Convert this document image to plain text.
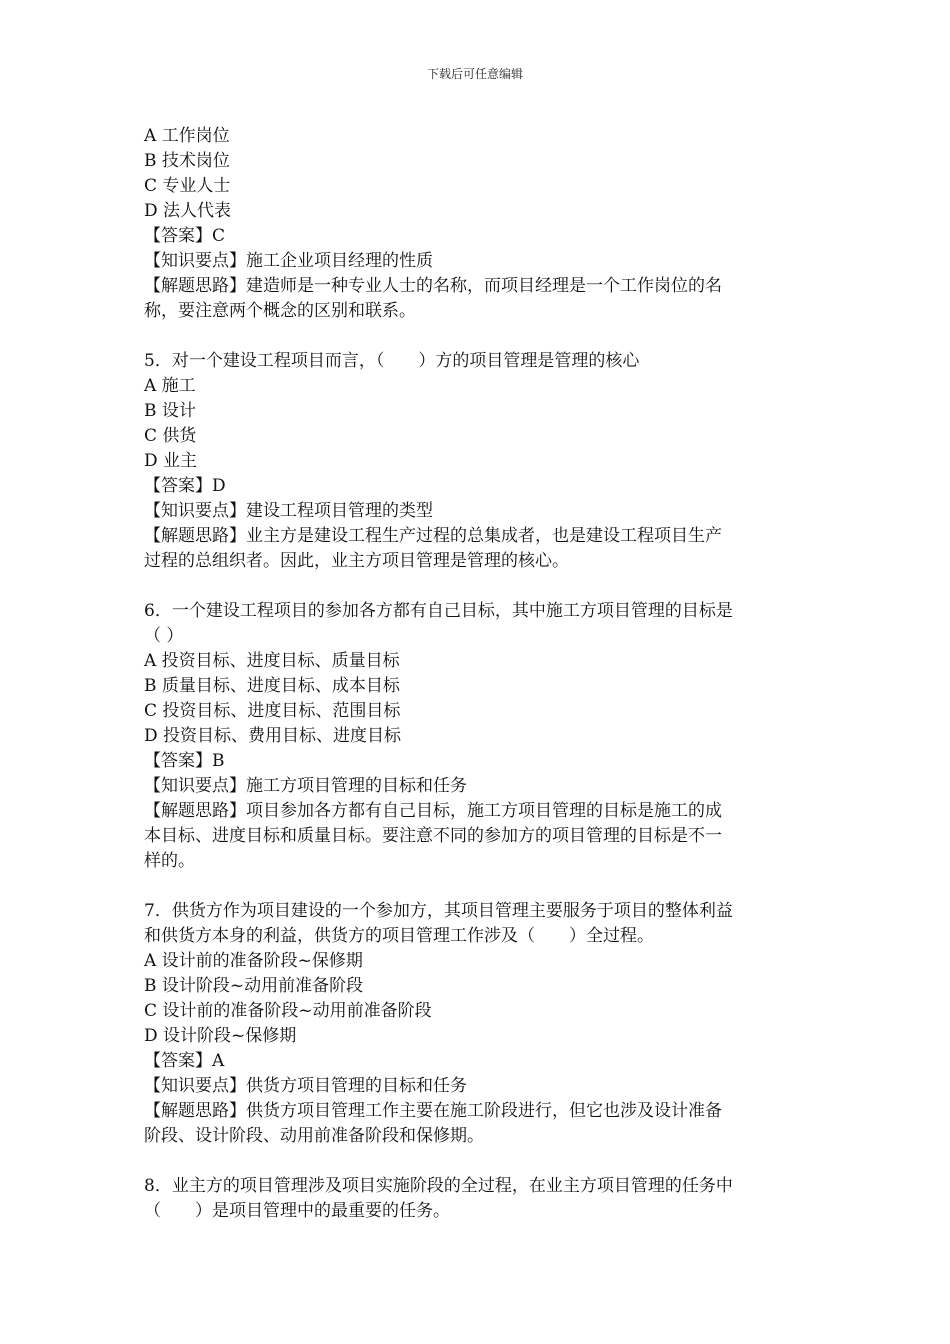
下载后可任意编辑
A 工作岗位
B 技术岗位
C 专业人士
D 法人代表
【答案】C
【知识要点】施工企业项目经理的性质
【解题思路】建造师是一种专业人士的名称，而项目经理是一个工作岗位的名
称，要注意两个概念的区别和联系。
5．对一个建设工程项目而言，（　　）方的项目管理是管理的核心
A 施工
B 设计
C 供货
D 业主
【答案】D
【知识要点】建设工程项目管理的类型
【解题思路】业主方是建设工程生产过程的总集成者，也是建设工程项目生产
过程的总组织者。因此，业主方项目管理是管理的核心。
6．一个建设工程项目的参加各方都有自己目标，其中施工方项目管理的目标是
（ ）
A 投资目标、进度目标、质量目标
B 质量目标、进度目标、成本目标
C 投资目标、进度目标、范围目标
D 投资目标、费用目标、进度目标
【答案】B
【知识要点】施工方项目管理的目标和任务
【解题思路】项目参加各方都有自己目标，施工方项目管理的目标是施工的成
本目标、进度目标和质量目标。要注意不同的参加方的项目管理的目标是不一
样的。
7．供货方作为项目建设的一个参加方，其项目管理主要服务于项目的整体利益
和供货方本身的利益，供货方的项目管理工作涉及（　　）全过程。
A 设计前的准备阶段~保修期
B 设计阶段~动用前准备阶段
C 设计前的准备阶段~动用前准备阶段
D 设计阶段~保修期
【答案】A
【知识要点】供货方项目管理的目标和任务
【解题思路】供货方项目管理工作主要在施工阶段进行，但它也涉及设计准备
阶段、设计阶段、动用前准备阶段和保修期。
8．业主方的项目管理涉及项目实施阶段的全过程，在业主方项目管理的任务中
（　　）是项目管理中的最重要的任务。
